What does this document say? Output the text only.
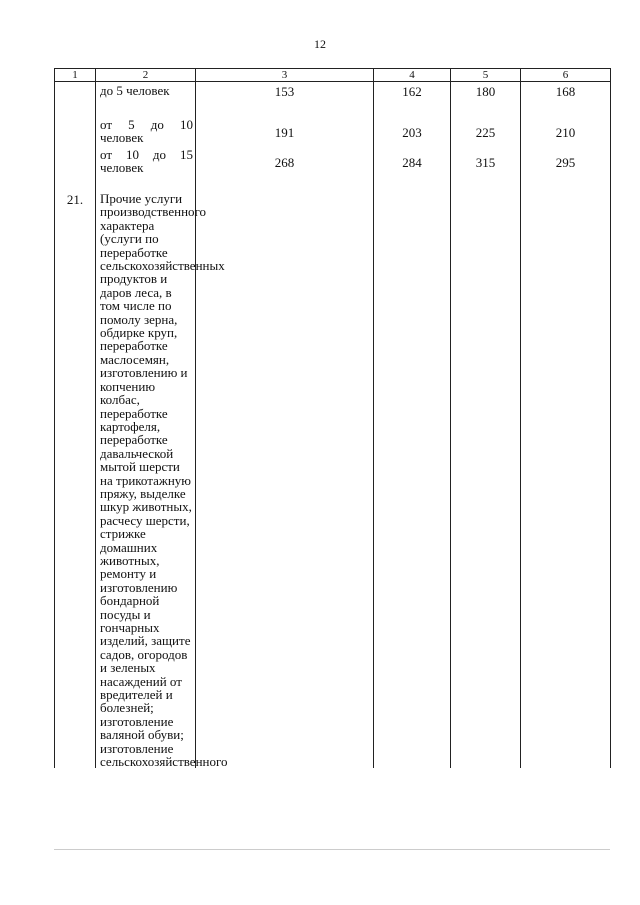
12
1	2	3	4	5	6
	до 5 человек	153	162	180	168
	от 5 до 10 человек	191	203	225	210
	от 10 до 15 человек	268	284	315	295
21.	Прочие услуги производственного характера (услуги по переработке сельскохозяйственных продуктов и даров леса, в том числе по помолу зерна, обдирке круп, переработке маслосемян, изготовлению и копчению колбас, переработке картофеля, переработке давальческой мытой шерсти на трикотажную пряжу, выделке шкур животных, расчесу шерсти, стрижке домашних животных, ремонту и изготовлению бондарной посуды и гончарных изделий, защите садов, огородов и зеленых насаждений от вредителей и болезней; изготовление валяной обуви; изготовление сельскохозяйственного				
